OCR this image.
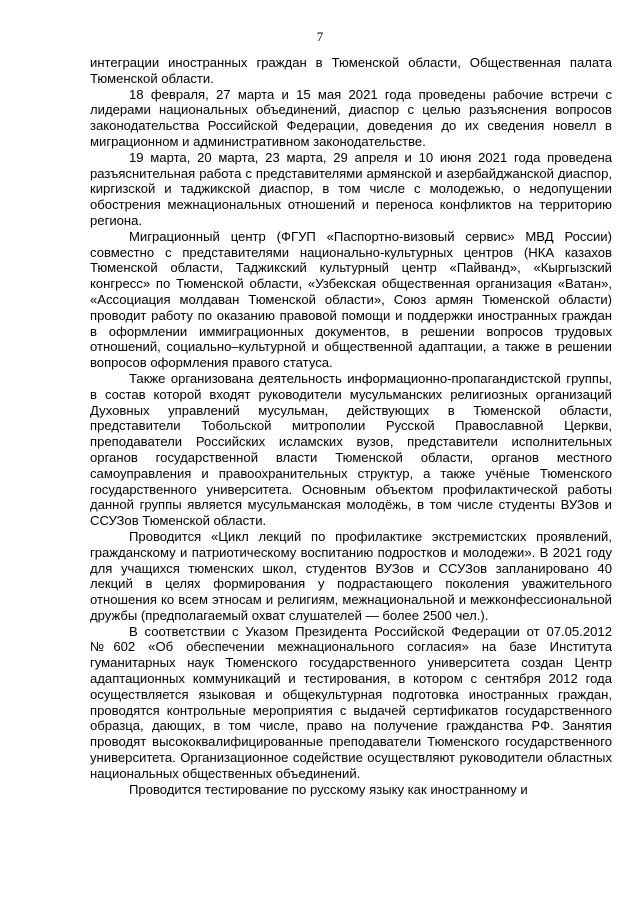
7

интеграции иностранных граждан в Тюменской области, Общественная палата Тюменской области.

18 февраля, 27 марта и 15 мая 2021 года проведены рабочие встречи с лидерами национальных объединений, диаспор с целью разъяснения вопросов законодательства Российской Федерации, доведения до их сведения новелл в миграционном и административном законодательстве.

19 марта, 20 марта, 23 марта, 29 апреля и 10 июня 2021 года проведена разъяснительная работа с представителями армянской и азербайджанской диаспор, киргизской и таджикской диаспор, в том числе с молодежью, о недопущении обострения межнациональных отношений и переноса конфликтов на территорию региона.

Миграционный центр (ФГУП «Паспортно-визовый сервис» МВД России) совместно с представителями национально-культурных центров (НКА казахов Тюменской области, Таджикский культурный центр «Пайванд», «Кыргызский конгресс» по Тюменской области, «Узбекская общественная организация «Ватан», «Ассоциация молдаван Тюменской области», Союз армян Тюменской области) проводит работу по оказанию правовой помощи и поддержки иностранных граждан в оформлении иммиграционных документов, в решении вопросов трудовых отношений, социально–культурной и общественной адаптации, а также в решении вопросов оформления правого статуса.

Также организована деятельность информационно-пропагандистской группы, в состав которой входят руководители мусульманских религиозных организаций Духовных управлений мусульман, действующих в Тюменской области, представители Тобольской митрополии Русской Православной Церкви, преподаватели Российских исламских вузов, представители исполнительных органов государственной власти Тюменской области, органов местного самоуправления и правоохранительных структур, а также учёные Тюменского государственного университета. Основным объектом профилактической работы данной группы является мусульманская молодёжь, в том числе студенты ВУЗов и ССУЗов Тюменской области.

Проводится «Цикл лекций по профилактике экстремистских проявлений, гражданскому и патриотическому воспитанию подростков и молодежи». В 2021 году для учащихся тюменских школ, студентов ВУЗов и ССУЗов запланировано 40 лекций в целях формирования у подрастающего поколения уважительного отношения ко всем этносам и религиям, межнациональной и межконфессиональной дружбы (предполагаемый охват слушателей — более 2500 чел.).

В соответствии с Указом Президента Российской Федерации от 07.05.2012 №602 «Об обеспечении межнационального согласия» на базе Института гуманитарных наук Тюменского государственного университета создан Центр адаптационных коммуникаций и тестирования, в котором с сентября 2012 года осуществляется языковая и общекультурная подготовка иностранных граждан, проводятся контрольные мероприятия с выдачей сертификатов государственного образца, дающих, в том числе, право на получение гражданства РФ. Занятия проводят высококвалифицированные преподаватели Тюменского государственного университета. Организационное содействие осуществляют руководители областных национальных общественных объединений.

Проводится тестирование по русскому языку как иностранному и
